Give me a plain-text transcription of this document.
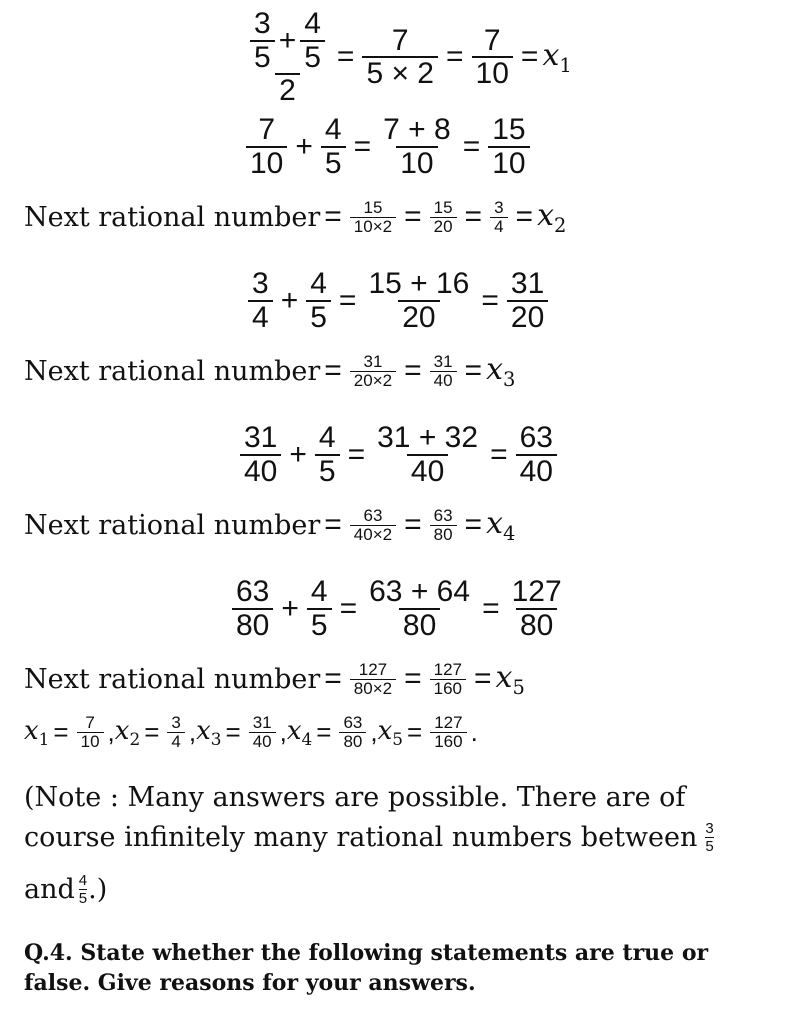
$\frac{\frac{3}{5} + \frac{4}{5}}{2} = \frac{7}{5 \times 2} = \frac{7}{10} = x_1$
$\frac{7}{10} + \frac{4}{5} = \frac{7 + 8}{10} = \frac{15}{10}$
Next rational number = $\frac{15}{10\times 2} = \frac{15}{20} = \frac{3}{4} = x_2$
$\frac{3}{4} + \frac{4}{5} = \frac{15 + 16}{20} = \frac{31}{20}$
Next rational number = $\frac{31}{20\times 2} = \frac{31}{40} = x_3$
$\frac{31}{40} + \frac{4}{5} = \frac{31 + 32}{40} = \frac{63}{40}$
Next rational number = $\frac{63}{40\times 2} = \frac{63}{80} = x_4$
$\frac{63}{80} + \frac{4}{5} = \frac{63 + 64}{80} = \frac{127}{80}$
Next rational number = $\frac{127}{80\times 2} = \frac{127}{160} = x_5$
$x_1 = \frac{7}{10}$ , $x_2 = \frac{3}{4}$ , $x_3 = \frac{31}{40}$ , $x_4 = \frac{63}{80}$ , $x_5 = \frac{127}{160}$ .
(Note : Many answers are possible. There are of
course infinitely many rational numbers between $\frac{3}{5}$
and $\frac{4}{5}$ .)
Q.4. State whether the following statements are true or
false. Give reasons for your answers.
